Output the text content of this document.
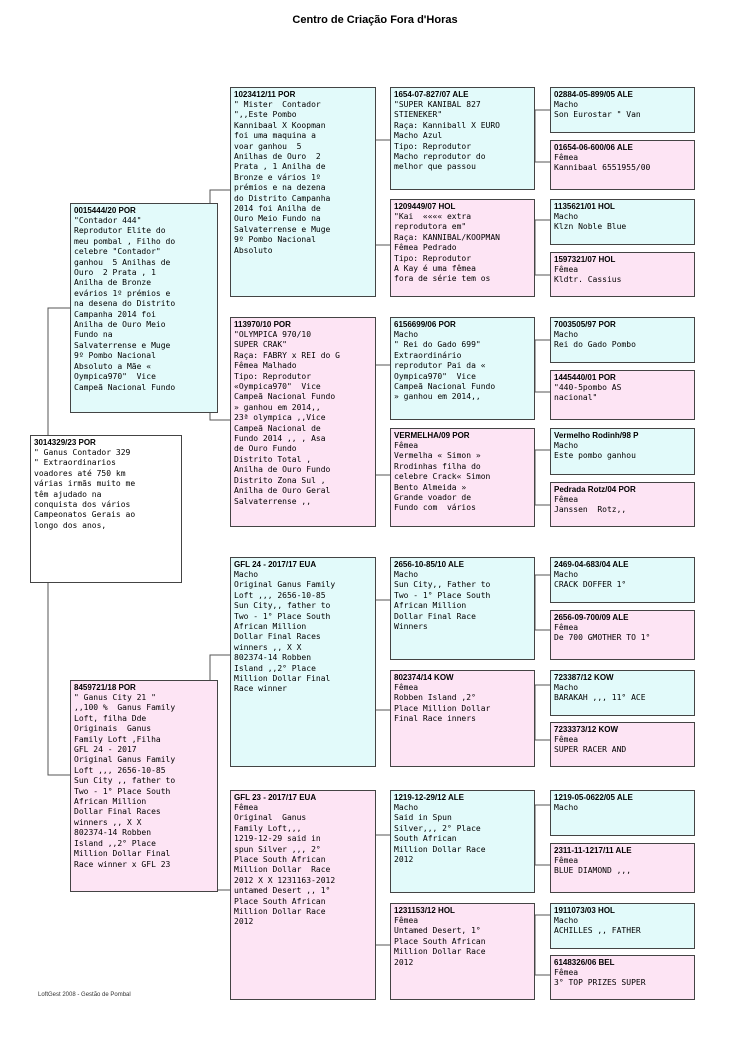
Centro de Criação Fora d'Horas
3014329/23 POR
" Ganus Contador 329
" Extraordinarios
voadores até 750 km
várias irmãs muito me
têm ajudado na
conquista dos vários
Campeonatos Gerais ao
longo dos anos,
0015444/20 POR
"Contador 444"
Reprodutor Elite do
meu pombal , Filho do
celebre "Contador"
ganhou  5 Anilhas de
Ouro  2 Prata , 1
Anilha de Bronze
evários 1º prémios e
na desena do Distrito
Campanha 2014 foi
Anilha de Ouro Meio
Fundo na
Salvaterrense e Muge
9º Pombo Nacional
Absoluto a Mãe «
Oympica970"  Vice
Campeã Nacional Fundo
8459721/18 POR
" Ganus City 21 "
,,100 %  Ganus Family
Loft, filha Dde
Originais  Ganus
Family Loft ,Filha
GFL 24 - 2017
Original Ganus Family
Loft ,,, 2656-10-85
Sun City ,, father to
Two - 1° Place South
African Million
Dollar Final Races
winners ,, X X
802374-14 Robben
Island ,,2° Place
Million Dollar Final
Race winner x GFL 23
1023412/11 POR
" Mister  Contador
",,Este Pombo
Kannibaal X Koopman
foi uma maquina a
voar ganhou  5
Anilhas de Ouro  2
Prata , 1 Anilha de
Bronze e vários 1º
prémios e na dezena
do Distrito Campanha
2014 foi Anilha de
Ouro Meio Fundo na
Salvaterrense e Muge
9º Pombo Nacional
Absoluto
113970/10 POR
"OLYMPICA 970/10
SUPER CRAK"
Raça: FABRY x REI do G
Fêmea Malhado
Tipo: Reprodutor
«Oympica970"  Vice
Campeã Nacional Fundo
» ganhou em 2014,,
23ª olympica ,,Vice
Campeã Nacional de
Fundo 2014 ,, , Asa
de Ouro Fundo
Distrito Total ,
Anilha de Ouro Fundo
Distrito Zona Sul ,
Anilha de Ouro Geral
Salvaterrense ,,
GFL 24 - 2017/17 EUA
Macho
Original Ganus Family
Loft ,,, 2656-10-85
Sun City,, father to
Two - 1° Place South
African Million
Dollar Final Races
winners ,, X X
802374-14 Robben
Island ,,2° Place
Million Dollar Final
Race winner
GFL 23 - 2017/17 EUA
Fêmea
Original  Ganus
Family Loft,,,
1219-12-29 said in
spun Silver ,,, 2°
Place South African
Million Dollar  Race
2012 X X 1231163-2012
untamed Desert ,, 1°
Place South African
Million Dollar Race
2012
1654-07-827/07 ALE
"SUPER KANIBAL 827
STIENEKER"
Raça: Kanniball X EURO
Macho Azul
Tipo: Reprodutor
Macho reprodutor do
melhor que passou
1209449/07 HOL
"Kai  «««« extra
reprodutora em"
Raça: KANNIBAL/KOOPMAN
Fêmea Pedrado
Tipo: Reprodutor
A Kay é uma fêmea
fora de série tem os
6156699/06 POR
Macho
" Rei do Gado 699"
Extraordinário
reprodutor Pai da «
Oympica970"  Vice
Campeã Nacional Fundo
» ganhou em 2014,,
VERMELHA/09 POR
Fêmea
Vermelha « Simon »
Rrodinhas filha do
celebre Crack« Simon
Bento Almeida »
Grande voador de
Fundo com  vários
2656-10-85/10 ALE
Macho
Sun City,, Father to
Two - 1° Place South
African Million
Dollar Final Race
Winners
802374/14 KOW
Fêmea
Robben Island ,2°
Place Million Dollar
Final Race inners
1219-12-29/12 ALE
Macho
Said in Spun
Silver,,, 2° Place
South African
Million Dollar Race
2012
1231153/12 HOL
Fêmea
Untamed Desert, 1°
Place South African
Million Dollar Race
2012
02884-05-899/05 ALE
Macho
Son Eurostar " Van
01654-06-600/06 ALE
Fêmea
Kannibaal 6551955/00
1135621/01 HOL
Macho
Klzn Noble Blue
1597321/07 HOL
Fêmea
Kldtr. Cassius
7003505/97 POR
Macho
Rei do Gado Pombo
1445440/01 POR
"440-5pombo AS
nacional"
Vermelho Rodinh/98 P
Macho
Este pombo ganhou
Pedrada Rotz/04 POR
Fêmea
Janssen  Rotz,,
2469-04-683/04 ALE
Macho
CRACK DOFFER 1°
2656-09-700/09 ALE
Fêmea
De 700 GMOTHER TO 1°
723387/12 KOW
Macho
BARAKAH ,,, 11° ACE
7233373/12 KOW
Fêmea
SUPER RACER AND
1219-05-0622/05 ALE
Macho
2311-11-1217/11 ALE
Fêmea
BLUE DIAMOND ,,,
1911073/03 HOL
Macho
ACHILLES ,, FATHER
6148326/06 BEL
Fêmea
3° TOP PRIZES SUPER
LoftGest 2008 - Gestão de Pombal
